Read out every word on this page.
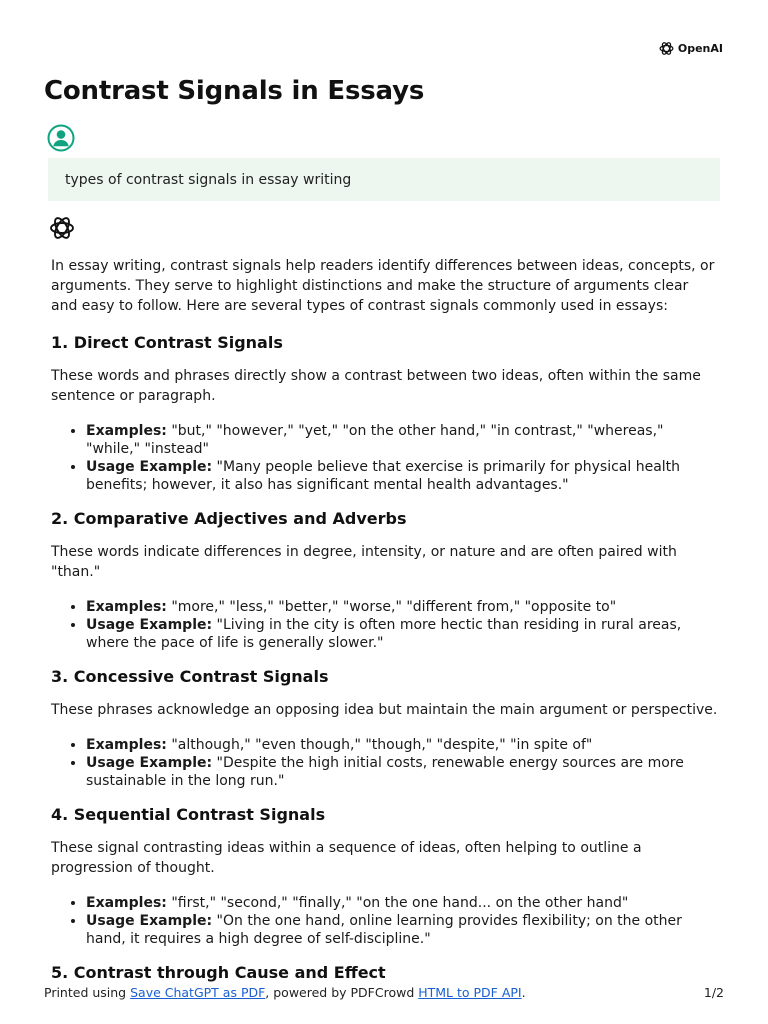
OpenAI
Contrast Signals in Essays
types of contrast signals in essay writing

In essay writing, contrast signals help readers identify differences between ideas, concepts, or arguments. They serve to highlight distinctions and make the structure of arguments clear and easy to follow. Here are several types of contrast signals commonly used in essays:

1. Direct Contrast Signals

These words and phrases directly show a contrast between two ideas, often within the same sentence or paragraph.

• Examples: "but," "however," "yet," "on the other hand," "in contrast," "whereas," "while," "instead"
• Usage Example: "Many people believe that exercise is primarily for physical health benefits; however, it also has significant mental health advantages."
2. Comparative Adjectives and Adverbs

These words indicate differences in degree, intensity, or nature and are often paired with "than."

• Examples: "more," "less," "better," "worse," "different from," "opposite to"
• Usage Example: "Living in the city is often more hectic than residing in rural areas, where the pace of life is generally slower."
3. Concessive Contrast Signals

These phrases acknowledge an opposing idea but maintain the main argument or perspective.

• Examples: "although," "even though," "though," "despite," "in spite of"
• Usage Example: "Despite the high initial costs, renewable energy sources are more sustainable in the long run."
4. Sequential Contrast Signals

These signal contrasting ideas within a sequence of ideas, often helping to outline a progression of thought.

• Examples: "first," "second," "finally," "on the one hand... on the other hand"
• Usage Example: "On the one hand, online learning provides flexibility; on the other hand, it requires a high degree of self-discipline."
5. Contrast through Cause and Effect
Printed using Save ChatGPT as PDF, powered by PDFCrowd HTML to PDF API.	1/2
